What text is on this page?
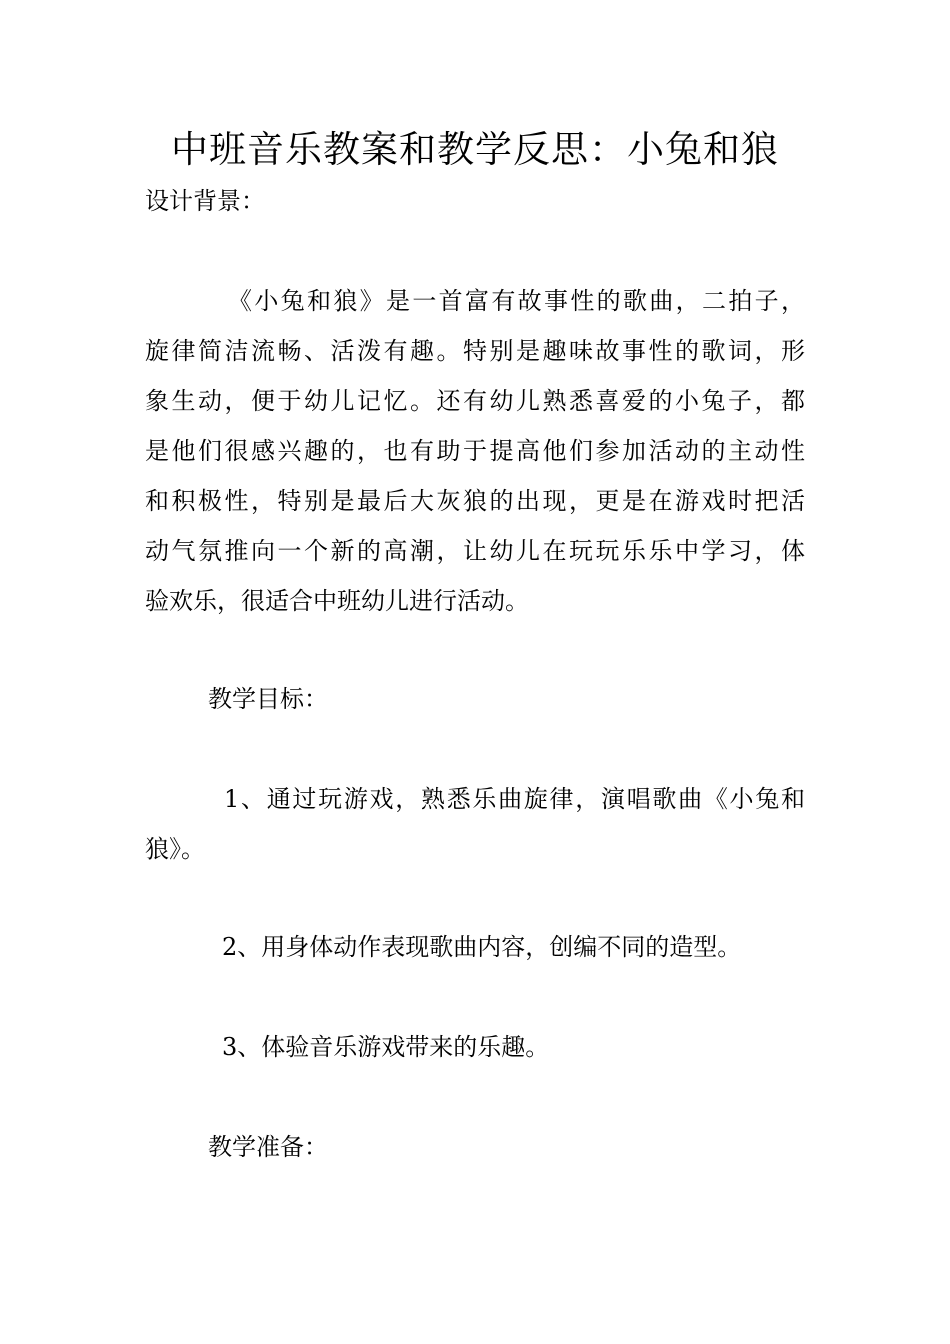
中班音乐教案和教学反思：小兔和狼
设计背景：
《小兔和狼》是一首富有故事性的歌曲，二拍子，
旋律简洁流畅、活泼有趣。特别是趣味故事性的歌词，形
象生动，便于幼儿记忆。还有幼儿熟悉喜爱的小兔子，都
是他们很感兴趣的，也有助于提高他们参加活动的主动性
和积极性，特别是最后大灰狼的出现，更是在游戏时把活
动气氛推向一个新的高潮，让幼儿在玩玩乐乐中学习，体
验欢乐，很适合中班幼儿进行活动。
教学目标：
1、通过玩游戏，熟悉乐曲旋律，演唱歌曲《小兔和
狼》。
2、用身体动作表现歌曲内容，创编不同的造型。
3、体验音乐游戏带来的乐趣。
教学准备：
